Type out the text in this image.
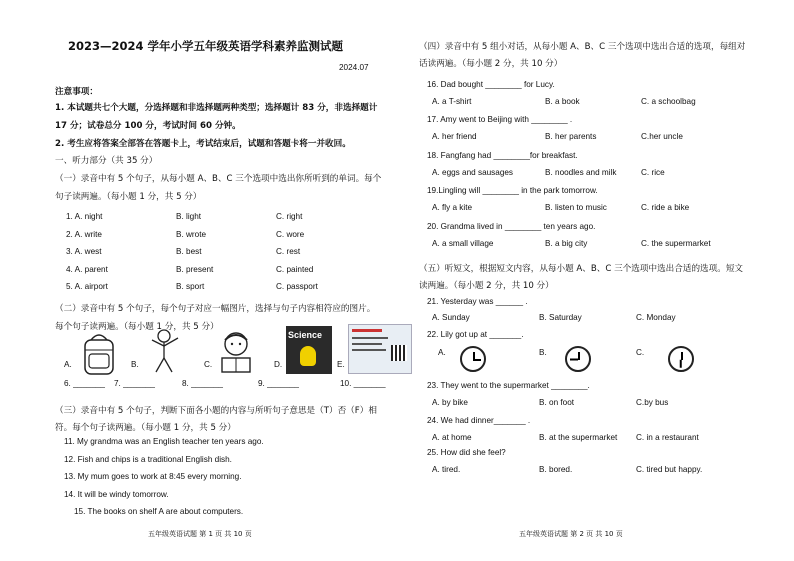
2023—2024 学年小学五年级英语学科素养监测试题
2024.07
注意事项：
1. 本试题共七个大题，分选择题和非选择题两种类型；选择题计 83 分，非选择题计
17 分；试卷总分 100 分，考试时间 60 分钟。
2. 考生应将答案全部答在答题卡上，考试结束后，试题和答题卡将一并收回。
一、听力部分（共 35 分）
（一）录音中有 5 个句子，从每小题 A、B、C 三个选项中选出你所听到的单词。每个
句子读两遍。（每小题 1 分，共 5 分）
1. A. night	B. light	C. right
2. A. write	B. wrote	C. wore
3. A. west	B. best	C. rest
4. A. parent	B. present	C. painted
5. A. airport	B. sport	C. passport
（二）录音中有 5 个句子，每个句子对应一幅图片，选择与句子内容相符应的图片。
每个句子读两遍。（每小题 1 分，共 5 分）
A.	B.	C.	D.
Science
E.
6. _______ 7. _______	8. _______	9. _______	10. _______
（三）录音中有 5 个句子，判断下面各小题的内容与所听句子意思是（T）否（F）相
符。每个句子读两遍。（每小题 1 分，共 5 分）
11. My grandma was an English teacher ten years ago.
12. Fish and chips is a traditional English dish.
13. My mum goes to work at 8:45 every morning.
14. It will be windy tomorrow.
15. The books on shelf A are about computers.
五年级英语试题 第 1 页 共 10 页
（四）录音中有 5 组小对话，从每小题 A、B、C 三个选项中选出合适的选项，每组对
话读两遍。（每小题 2 分，共 10 分）
16. Dad bought ________ for Lucy.
A. a T-shirt	B. a book	C. a schoolbag
17. Amy went to Beijing with ________ .
A. her friend	B. her parents	C.her uncle
18. Fangfang had ________for breakfast.
A. eggs and sausages	B. noodles and milk	C. rice
19.Lingling will ________ in the park tomorrow.
A. fly a kite	B. listen to music	C. ride a bike
20. Grandma lived in ________ ten years ago.
A. a small village	B. a big city	C. the supermarket
（五）听短文，根据短文内容，从每小题 A、B、C 三个选项中选出合适的选项。短文
读两遍。（每小题 2 分，共 10 分）
21. Yesterday was ______ .
A. Sunday	B. Saturday	C. Monday
22. Lily got up at _______.
A.	B.	C.
23. They went to the supermarket ________.
A. by bike	B. on foot	C.by bus
24. We had dinner_______ .
A. at home	B. at the supermarket C. in a restaurant
25. How did she feel?
A. tired.	B. bored.	C. tired but happy.
五年级英语试题 第 2 页 共 10 页
